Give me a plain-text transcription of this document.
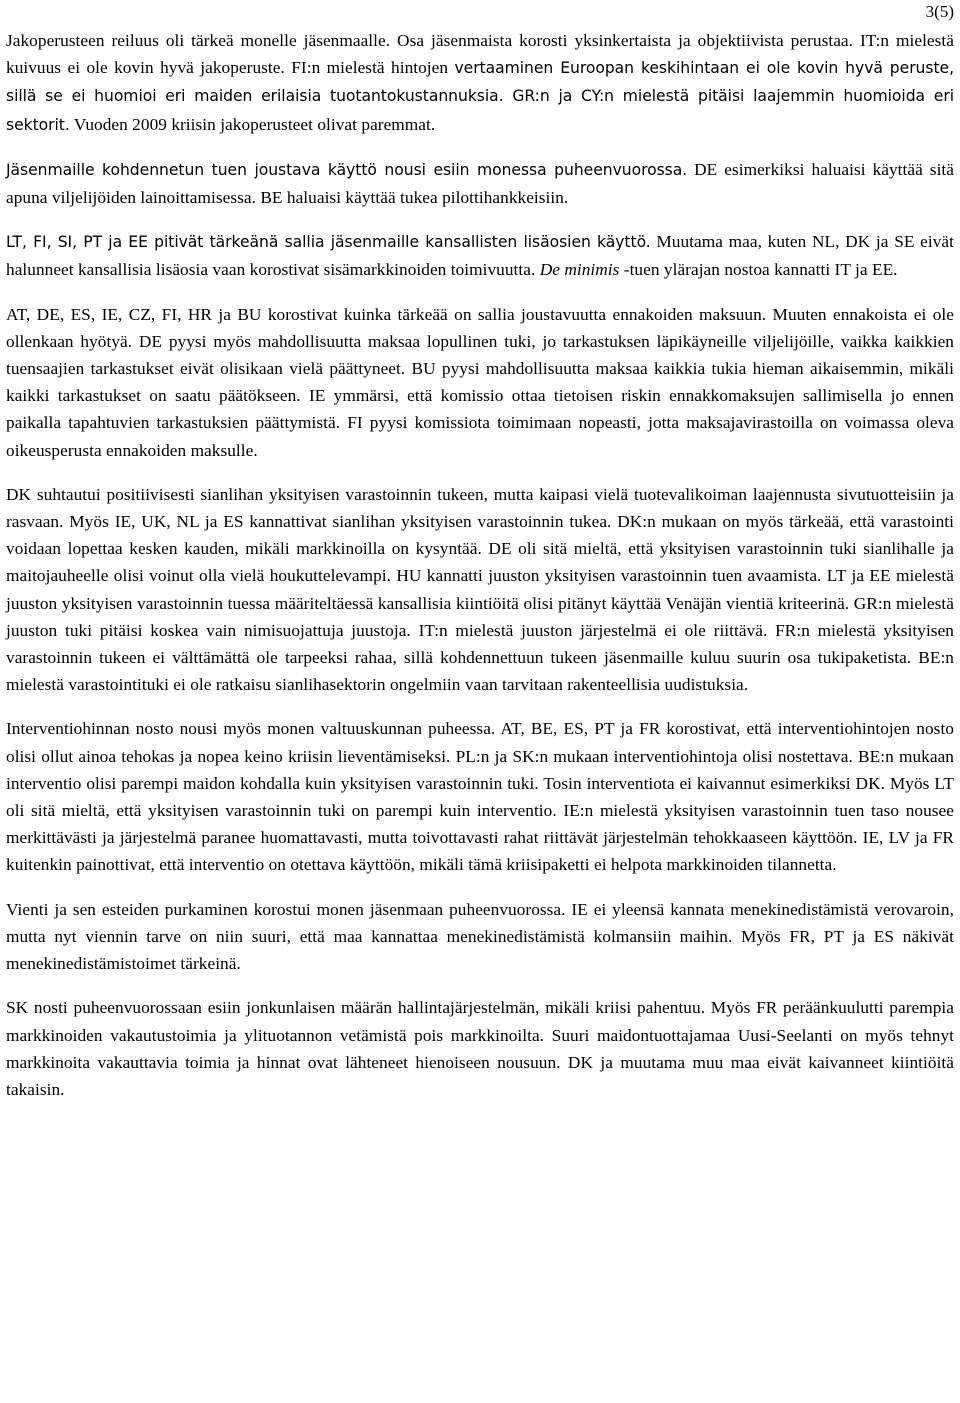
3(5)

Jakoperusteen reiluus oli tärkeä monelle jäsenmaalle. Osa jäsenmaista korosti yksinkertaista ja objektiivista perustaa. IT:n mielestä kuivuus ei ole kovin hyvä jakoperuste. FI:n mielestä hintojen vertaaminen Euroopan keskihintaan ei ole kovin hyvä peruste, sillä se ei huomioi eri maiden erilaisia tuotantokustannuksia. GR:n ja CY:n mielestä pitäisi laajemmin huomioida eri sektorit. Vuoden 2009 kriisin jakoperusteet olivat paremmat.

Jäsenmaille kohdennetun tuen joustava käyttö nousi esiin monessa puheenvuorossa. DE esimerkiksi haluaisi käyttää sitä apuna viljelijöiden lainoittamisessa. BE haluaisi käyttää tukea pilottihankkeisiin.

LT, FI, SI, PT ja EE pitivät tärkeänä sallia jäsenmaille kansallisten lisäosien käyttö. Muutama maa, kuten NL, DK ja SE eivät halunneet kansallisia lisäosia vaan korostivat sisämarkkinoiden toimivuutta. De minimis -tuen ylärajan nostoa kannatti IT ja EE.

AT, DE, ES, IE, CZ, FI, HR ja BU korostivat kuinka tärkeää on sallia joustavuutta ennakoiden maksuun. Muuten ennakoista ei ole ollenkaan hyötyä. DE pyysi myös mahdollisuutta maksaa lopullinen tuki, jo tarkastuksen läpikäyneille viljelijöille, vaikka kaikkien tuensaajien tarkastukset eivät olisikaan vielä päättyneet. BU pyysi mahdollisuutta maksaa kaikkia tukia hieman aikaisemmin, mikäli kaikki tarkastukset on saatu päätökseen. IE ymmärsi, että komissio ottaa tietoisen riskin ennakkomaksujen sallimisella jo ennen paikalla tapahtuvien tarkastuksien päättymistä. FI pyysi komissiota toimimaan nopeasti, jotta maksajavirastoilla on voimassa oleva oikeusperusta ennakoiden maksulle.

DK suhtautui positiivisesti sianlihan yksityisen varastoinnin tukeen, mutta kaipasi vielä tuotevalikoiman laajennusta sivutuotteisiin ja rasvaan. Myös IE, UK, NL ja ES kannattivat sianlihan yksityisen varastoinnin tukea. DK:n mukaan on myös tärkeää, että varastointi voidaan lopettaa kesken kauden, mikäli markkinoilla on kysyntää. DE oli sitä mieltä, että yksityisen varastoinnin tuki sianlihalle ja maitojauheelle olisi voinut olla vielä houkuttelevampi. HU kannatti juuston yksityisen varastoinnin tuen avaamista. LT ja EE mielestä juuston yksityisen varastoinnin tuessa määriteltäessä kansallisia kiintiöitä olisi pitänyt käyttää Venäjän vientiä kriteerinä. GR:n mielestä juuston tuki pitäisi koskea vain nimisuojattuja juustoja. IT:n mielestä juuston järjestelmä ei ole riittävä. FR:n mielestä yksityisen varastoinnin tukeen ei välttämättä ole tarpeeksi rahaa, sillä kohdennettuun tukeen jäsenmaille kuluu suurin osa tukipaketista. BE:n mielestä varastointituki ei ole ratkaisu sianlihasektorin ongelmiin vaan tarvitaan rakenteellisia uudistuksia.

Interventiohinnan nosto nousi myös monen valtuuskunnan puheessa. AT, BE, ES, PT ja FR korostivat, että interventiohintojen nosto olisi ollut ainoa tehokas ja nopea keino kriisin lieventämiseksi. PL:n ja SK:n mukaan interventiohintoja olisi nostettava. BE:n mukaan interventio olisi parempi maidon kohdalla kuin yksityisen varastoinnin tuki. Tosin interventiota ei kaivannut esimerkiksi DK. Myös LT oli sitä mieltä, että yksityisen varastoinnin tuki on parempi kuin interventio. IE:n mielestä yksityisen varastoinnin tuen taso nousee merkittävästi ja järjestelmä paranee huomattavasti, mutta toivottavasti rahat riittävät järjestelmän tehokkaaseen käyttöön. IE, LV ja FR kuitenkin painottivat, että interventio on otettava käyttöön, mikäli tämä kriisipaketti ei helpota markkinoiden tilannetta.

Vienti ja sen esteiden purkaminen korostui monen jäsenmaan puheenvuorossa. IE ei yleensä kannata menekinedistämistä verovaroin, mutta nyt viennin tarve on niin suuri, että maa kannattaa menekinedistämistä kolmansiin maihin. Myös FR, PT ja ES näkivät menekinedistämistoimet tärkeinä.

SK nosti puheenvuorossaan esiin jonkunlaisen määrän hallintajärjestelmän, mikäli kriisi pahentuu. Myös FR peräänkuulutti parempia markkinoiden vakautustoimia ja ylituotannon vetämistä pois markkinoilta. Suuri maidontuottajamaa Uusi-Seelanti on myös tehnyt markkinoita vakauttavia toimia ja hinnat ovat lähteneet hienoiseen nousuun. DK ja muutama muu maa eivät kaivanneet kiintiöitä takaisin.
